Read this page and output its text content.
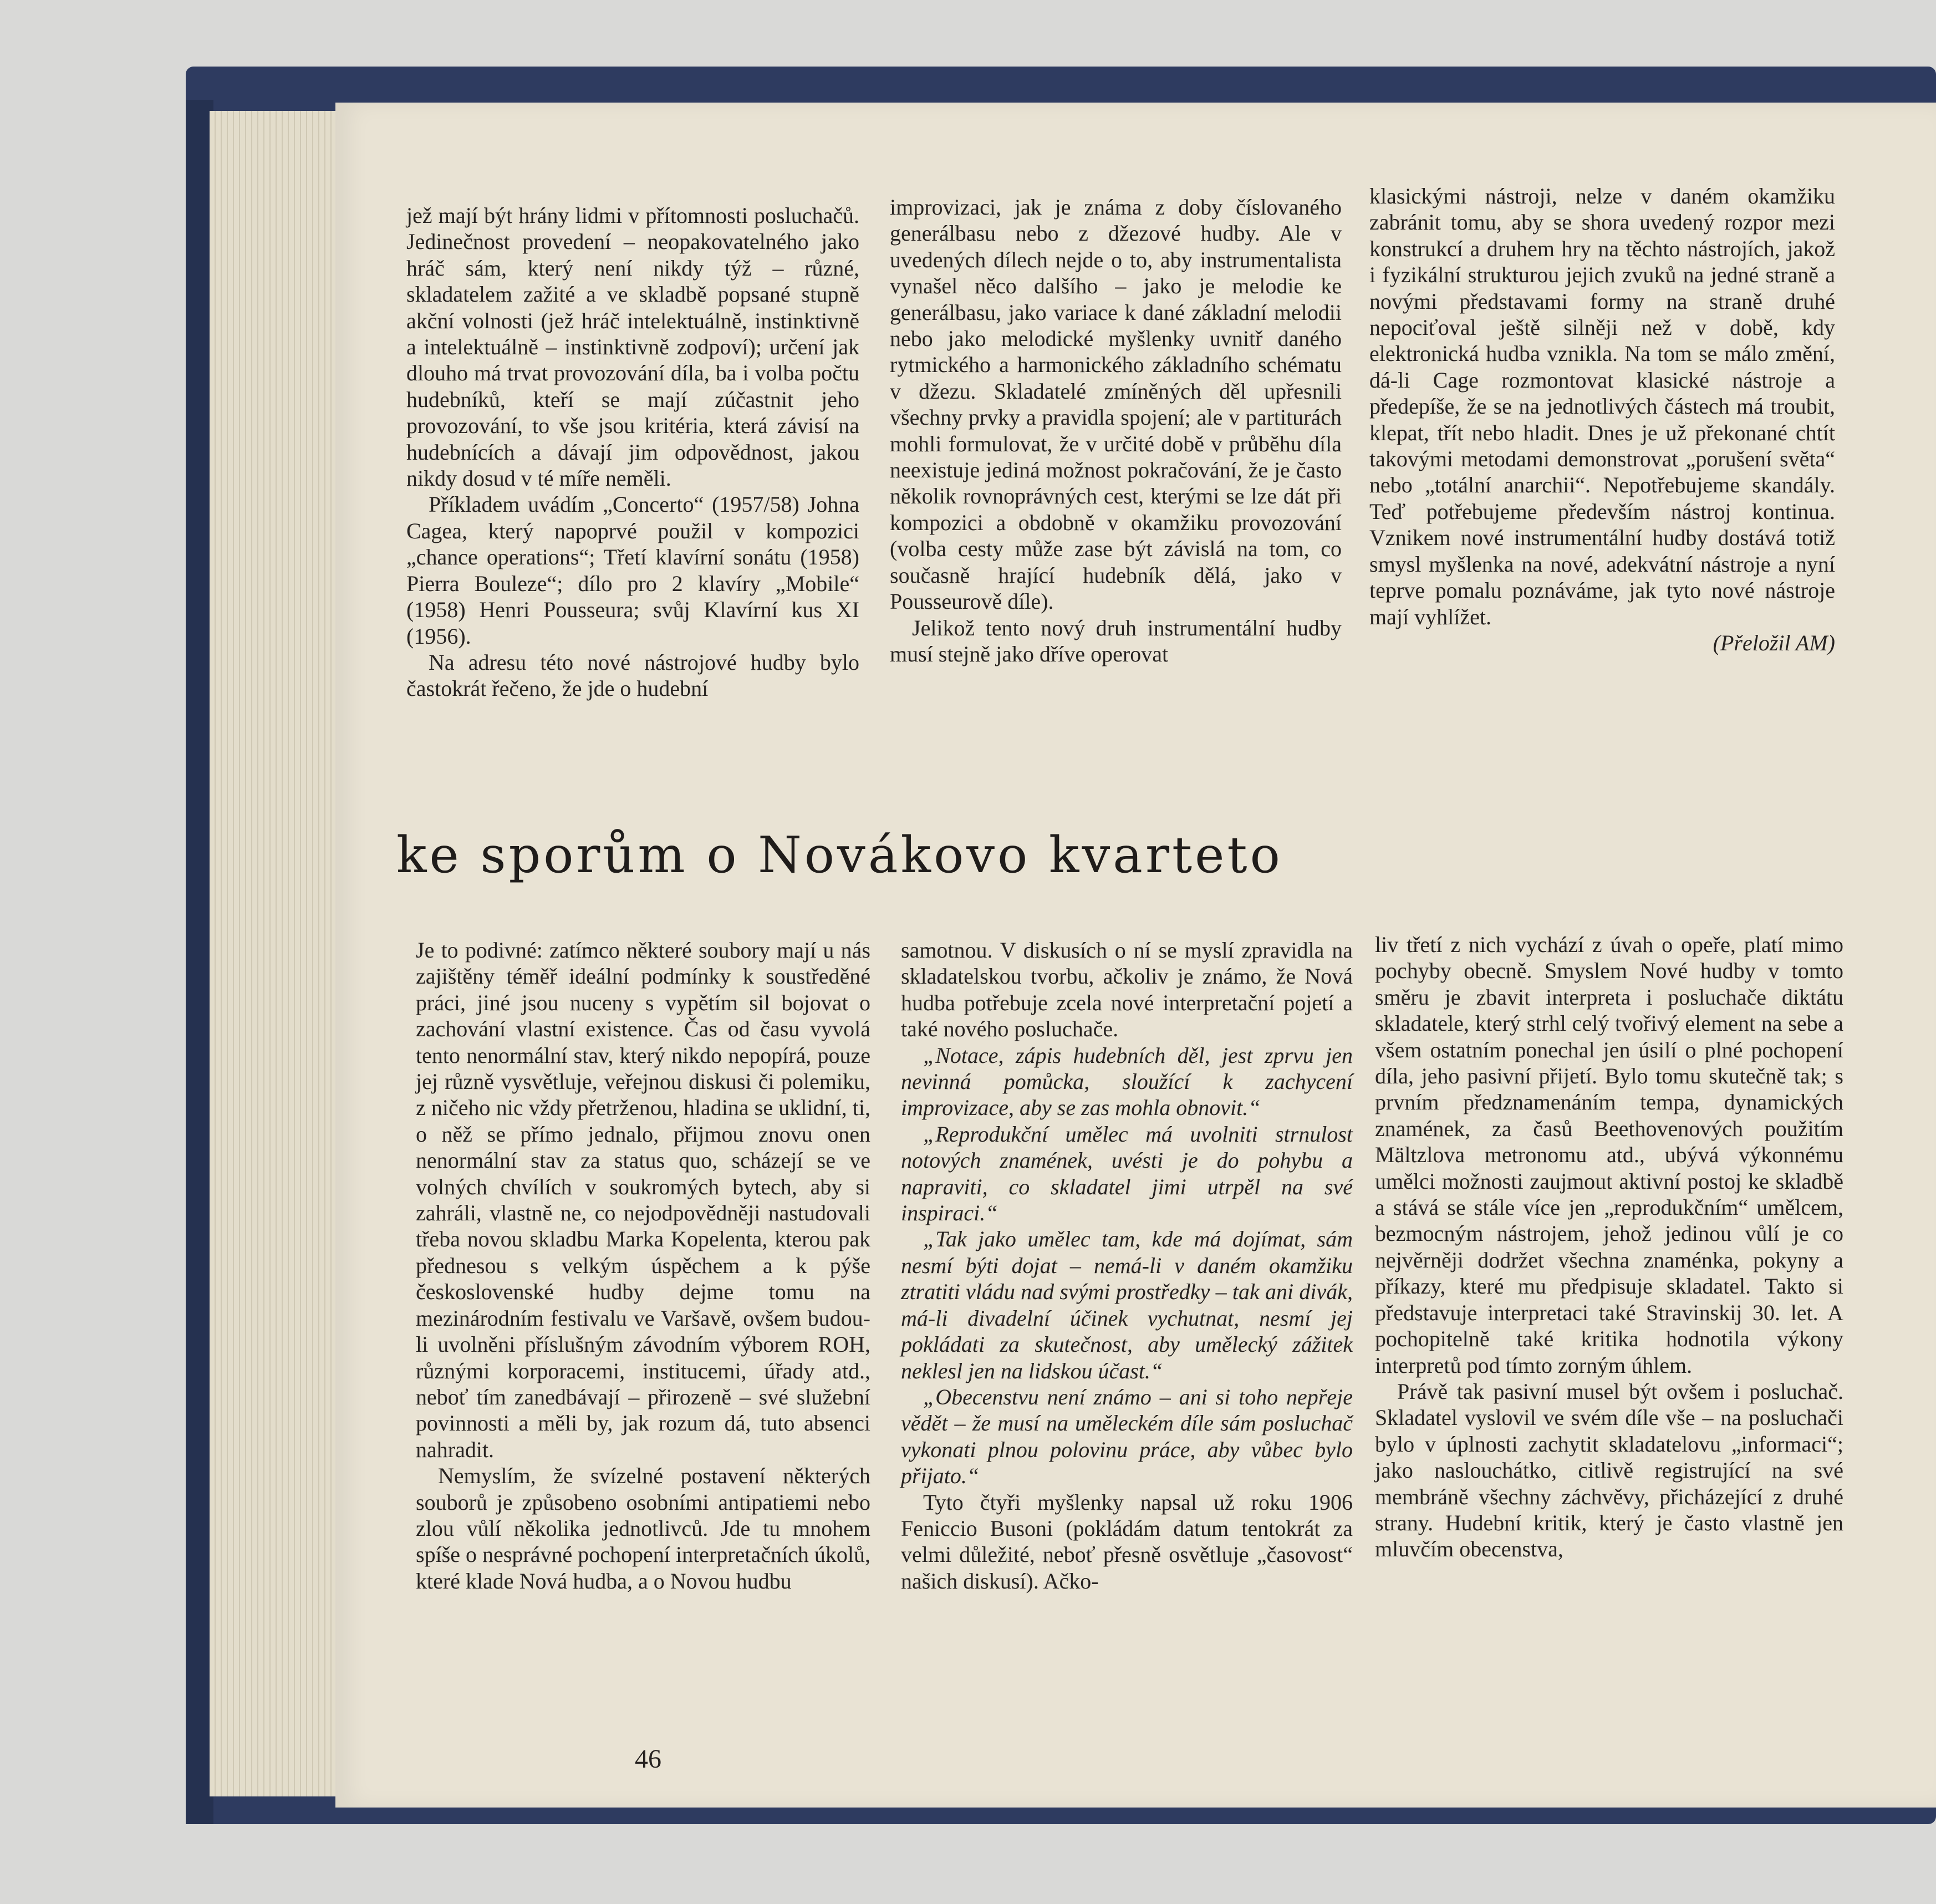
jež mají být hrány lidmi v přítomnosti posluchačů. Jedinečnost provedení – neopakovatelného jako hráč sám, který není nikdy týž – různé, skladatelem zažité a ve skladbě popsané stupně akční volnosti (jež hráč intelektuálně, instinktivně a intelektuálně – instinktivně zodpoví); určení jak dlouho má trvat provozování díla, ba i volba počtu hudebníků, kteří se mají zúčastnit jeho provozování, to vše jsou kritéria, která závisí na hudebnících a dávají jim odpovědnost, jakou nikdy dosud v té míře neměli.

Příkladem uvádím „Concerto“ (1957/58) Johna Cagea, který napoprvé použil v kompozici „chance operations“; Třetí klavírní sonátu (1958) Pierra Bouleze“; dílo pro 2 klavíry „Mobile“ (1958) Henri Pousseura; svůj Klavírní kus XI (1956).

Na adresu této nové nástrojové hudby bylo častokrát řečeno, že jde o hudební

improvizaci, jak je známa z doby číslovaného generálbasu nebo z džezové hudby. Ale v uvedených dílech nejde o to, aby instrumentalista vynašel něco dalšího – jako je melodie ke generálbasu, jako variace k dané základní melodii nebo jako melodické myšlenky uvnitř daného rytmického a harmonického základního schématu v džezu. Skladatelé zmíněných děl upřesnili všechny prvky a pravidla spojení; ale v partiturách mohli formulovat, že v určité době v průběhu díla neexistuje jediná možnost pokračování, že je často několik rovnoprávných cest, kterými se lze dát při kompozici a obdobně v okamžiku provozování (volba cesty může zase být závislá na tom, co současně hrající hudebník dělá, jako v Pousseurově díle).

Jelikož tento nový druh instrumentální hudby musí stejně jako dříve operovat

klasickými nástroji, nelze v daném okamžiku zabránit tomu, aby se shora uvedený rozpor mezi konstrukcí a druhem hry na těchto nástrojích, jakož i fyzikální strukturou jejich zvuků na jedné straně a novými představami formy na straně druhé nepociťoval ještě silněji než v době, kdy elektronická hudba vznikla. Na tom se málo změní, dá-li Cage rozmontovat klasické nástroje a předepíše, že se na jednotlivých částech má troubit, klepat, třít nebo hladit. Dnes je už překonané chtít takovými metodami demonstrovat „porušení světa“ nebo „totální anarchii“. Nepotřebujeme skandály. Teď potřebujeme především nástroj kontinua. Vznikem nové instrumentální hudby dostává totiž smysl myšlenka na nové, adekvátní nástroje a nyní teprve pomalu poznáváme, jak tyto nové nástroje mají vyhlížet.

(Přeložil AM)

ke sporům o Novákovo kvarteto

Je to podivné: zatímco některé soubory mají u nás zajištěny téměř ideální podmínky k soustředěné práci, jiné jsou nuceny s vypětím sil bojovat o zachování vlastní existence. Čas od času vyvolá tento nenormální stav, který nikdo nepopírá, pouze jej různě vysvětluje, veřejnou diskusi či polemiku, z ničeho nic vždy přetrženou, hladina se uklidní, ti, o něž se přímo jednalo, přijmou znovu onen nenormální stav za status quo, scházejí se ve volných chvílích v soukromých bytech, aby si zahráli, vlastně ne, co nejodpovědněji nastudovali třeba novou skladbu Marka Kopelenta, kterou pak přednesou s velkým úspěchem a k pýše československé hudby dejme tomu na mezinárodním festivalu ve Varšavě, ovšem budou-li uvolněni příslušným závodním výborem ROH, různými korporacemi, institucemi, úřady atd., neboť tím zanedbávají – přirozeně – své služební povinnosti a měli by, jak rozum dá, tuto absenci nahradit.

Nemyslím, že svízelné postavení některých souborů je způsobeno osobními antipatiemi nebo zlou vůlí několika jednotlivců. Jde tu mnohem spíše o nesprávné pochopení interpretačních úkolů, které klade Nová hudba, a o Novou hudbu

samotnou. V diskusích o ní se myslí zpravidla na skladatelskou tvorbu, ačkoliv je známo, že Nová hudba potřebuje zcela nové interpretační pojetí a také nového posluchače.

„Notace, zápis hudebních děl, jest zprvu jen nevinná pomůcka, sloužící k zachycení improvizace, aby se zas mohla obnovit.“

„Reprodukční umělec má uvolniti strnulost notových znamének, uvésti je do pohybu a napraviti, co skladatel jimi utrpěl na své inspiraci.“

„Tak jako umělec tam, kde má dojímat, sám nesmí býti dojat – nemá-li v daném okamžiku ztratiti vládu nad svými prostředky – tak ani divák, má-li divadelní účinek vychutnat, nesmí jej pokládati za skutečnost, aby umělecký zážitek neklesl jen na lidskou účast.“

„Obecenstvu není známo – ani si toho nepřeje vědět – že musí na uměleckém díle sám posluchač vykonati plnou polovinu práce, aby vůbec bylo přijato.“

Tyto čtyři myšlenky napsal už roku 1906 Feniccio Busoni (pokládám datum tentokrát za velmi důležité, neboť přesně osvětluje „časovost“ našich diskusí). Ačko-

liv třetí z nich vychází z úvah o opeře, platí mimo pochyby obecně. Smyslem Nové hudby v tomto směru je zbavit interpreta i posluchače diktátu skladatele, který strhl celý tvořivý element na sebe a všem ostatním ponechal jen úsilí o plné pochopení díla, jeho pasivní přijetí. Bylo tomu skutečně tak; s prvním předznamenáním tempa, dynamických znamének, za časů Beethovenových použitím Mältzlova metronomu atd., ubývá výkonnému umělci možnosti zaujmout aktivní postoj ke skladbě a stává se stále více jen „reprodukčním“ umělcem, bezmocným nástrojem, jehož jedinou vůlí je co nejvěrněji dodržet všechna znaménka, pokyny a příkazy, které mu předpisuje skladatel. Takto si představuje interpretaci také Stravinskij 30. let. A pochopitelně také kritika hodnotila výkony interpretů pod tímto zorným úhlem.

Právě tak pasivní musel být ovšem i posluchač. Skladatel vyslovil ve svém díle vše – na posluchači bylo v úplnosti zachytit skladatelovu „informaci“; jako naslouchátko, citlivě registrující na své membráně všechny záchvěvy, přicházející z druhé strany. Hudební kritik, který je často vlastně jen mluvčím obecenstva,

46
